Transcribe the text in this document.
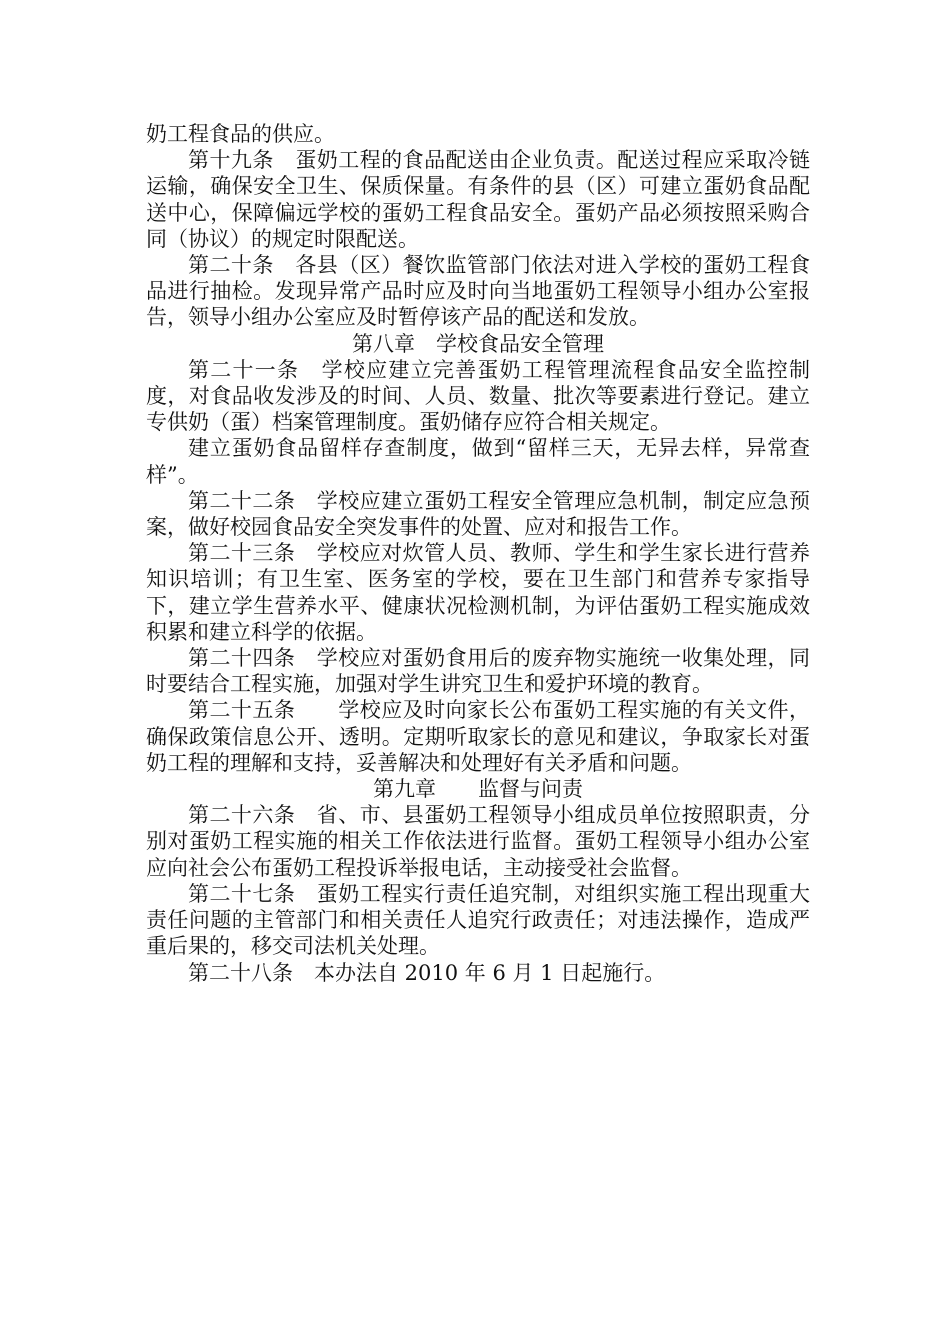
奶工程食品的供应。

第十九条　 蛋奶工程的食品配送由企业负责。配送过程应采取冷链运输，确保安全卫生、保质保量。有条件的县（区）可建立蛋奶食品配送中心，保障偏远学校的蛋奶工程食品安全。蛋奶产品必须按照采购合同（协议）的规定时限配送。

第二十条　 各县（区）餐饮监管部门依法对进入学校的蛋奶工程食品进行抽检。发现异常产品时应及时向当地蛋奶工程领导小组办公室报告，领导小组办公室应及时暂停该产品的配送和发放。

第八章　学校食品安全管理

第二十一条　 学校应建立完善蛋奶工程管理流程食品安全监控制度，对食品收发涉及的时间、人员、数量、批次等要素进行登记。建立专供奶（蛋）档案管理制度。蛋奶储存应符合相关规定。

建立蛋奶食品留样存查制度，做到“留样三天，无异去样，异常查样”。

第二十二条　 学校应建立蛋奶工程安全管理应急机制，制定应急预案，做好校园食品安全突发事件的处置、应对和报告工作。

第二十三条　 学校应对炊管人员、教师、学生和学生家长进行营养知识培训；有卫生室、医务室的学校，要在卫生部门和营养专家指导下，建立学生营养水平、健康状况检测机制，为评估蛋奶工程实施成效积累和建立科学的依据。

第二十四条　 学校应对蛋奶食用后的废弃物实施统一收集处理，同时要结合工程实施，加强对学生讲究卫生和爱护环境的教育。

第二十五条　　 学校应及时向家长公布蛋奶工程实施的有关文件，确保政策信息公开、透明。定期听取家长的意见和建议，争取家长对蛋奶工程的理解和支持，妥善解决和处理好有关矛盾和问题。

第九章　　监督与问责

第二十六条　 省、市、县蛋奶工程领导小组成员单位按照职责，分别对蛋奶工程实施的相关工作依法进行监督。蛋奶工程领导小组办公室应向社会公布蛋奶工程投诉举报电话，主动接受社会监督。

第二十七条　 蛋奶工程实行责任追究制，对组织实施工程出现重大责任问题的主管部门和相关责任人追究行政责任；对违法操作，造成严重后果的，移交司法机关处理。

第二十八条　 本办法自 2010 年 6 月 1 日起施行。
